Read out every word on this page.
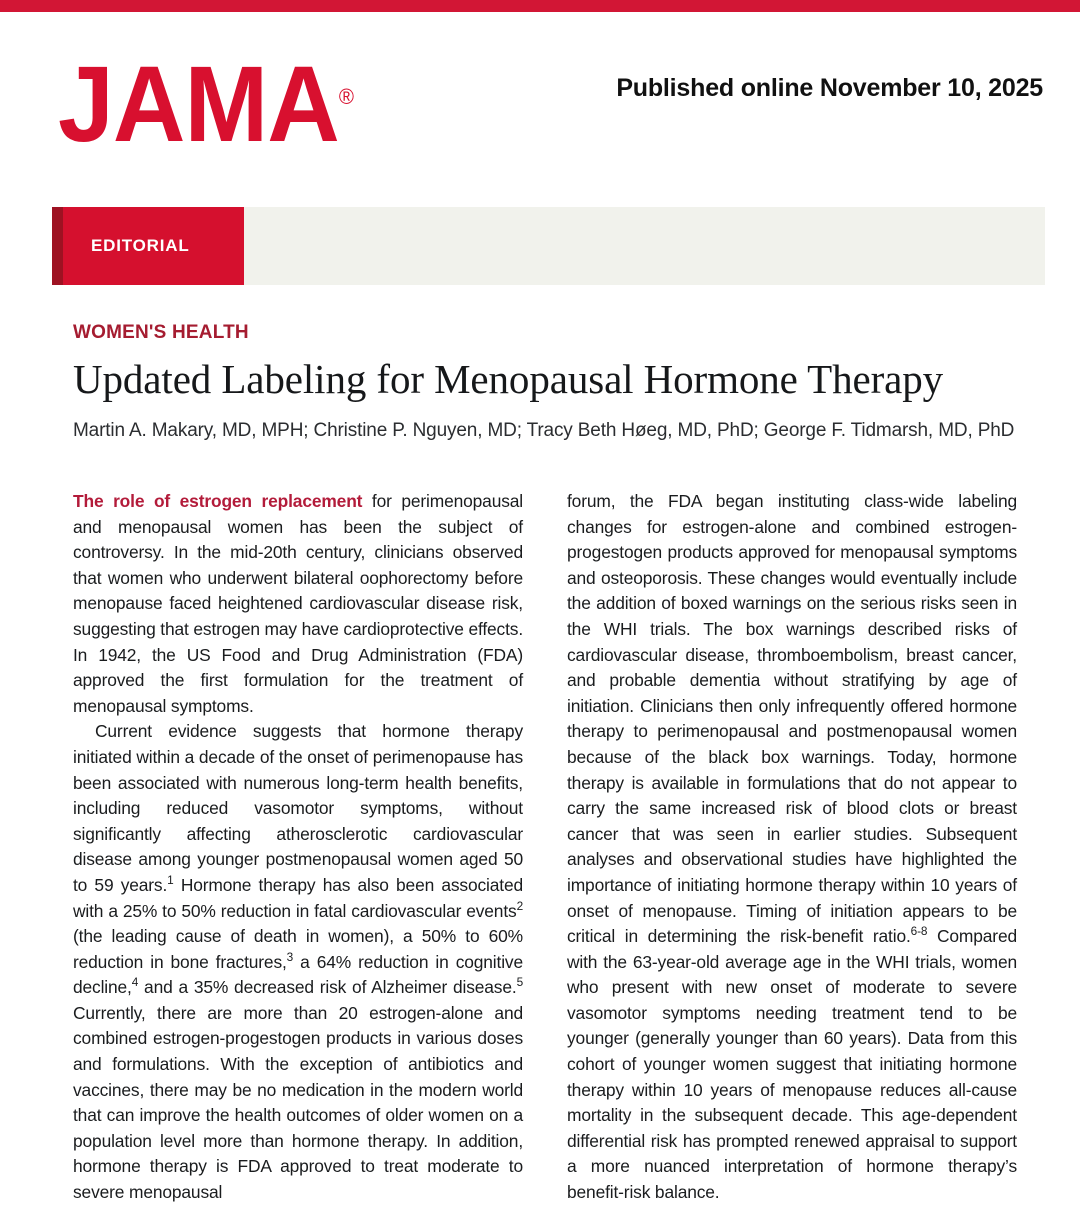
JAMA®	Published online November 10, 2025
EDITORIAL
WOMEN'S HEALTH
Updated Labeling for Menopausal Hormone Therapy
Martin A. Makary, MD, MPH; Christine P. Nguyen, MD; Tracy Beth Høeg, MD, PhD; George F. Tidmarsh, MD, PhD

The role of estrogen replacement for perimenopausal and menopausal women has been the subject of controversy. In the mid-20th century, clinicians observed that women who underwent bilateral oophorectomy before menopause faced heightened cardiovascular disease risk, suggesting that estrogen may have cardioprotective effects. In 1942, the US Food and Drug Administration (FDA) approved the first formulation for the treatment of menopausal symptoms.

Current evidence suggests that hormone therapy initiated within a decade of the onset of perimenopause has been associated with numerous long-term health benefits, including reduced vasomotor symptoms, without significantly affecting atherosclerotic cardiovascular disease among younger postmenopausal women aged 50 to 59 years.$^1$ Hormone therapy has also been associated with a 25% to 50% reduction in fatal cardiovascular events$^2$ (the leading cause of death in women), a 50% to 60% reduction in bone fractures,$^3$ a 64% reduction in cognitive decline,$^4$ and a 35% decreased risk of Alzheimer disease.$^5$ Currently, there are more than 20 estrogen-alone and combined estrogen-progestogen products in various doses and formulations. With the exception of antibiotics and vaccines, there may be no medication in the modern world that can improve the health outcomes of older women on a population level more than hormone therapy. In addition, hormone therapy is FDA approved to treat moderate to severe menopausal

forum, the FDA began instituting class-wide labeling changes for estrogen-alone and combined estrogen-progestogen products approved for menopausal symptoms and osteoporosis. These changes would eventually include the addition of boxed warnings on the serious risks seen in the WHI trials. The box warnings described risks of cardiovascular disease, thromboembolism, breast cancer, and probable dementia without stratifying by age of initiation. Clinicians then only infrequently offered hormone therapy to perimenopausal and postmenopausal women because of the black box warnings. Today, hormone therapy is available in formulations that do not appear to carry the same increased risk of blood clots or breast cancer that was seen in earlier studies. Subsequent analyses and observational studies have highlighted the importance of initiating hormone therapy within 10 years of onset of menopause. Timing of initiation appears to be critical in determining the risk-benefit ratio.$^{6-8}$ Compared with the 63-year-old average age in the WHI trials, women who present with new onset of moderate to severe vasomotor symptoms needing treatment tend to be younger (generally younger than 60 years). Data from this cohort of younger women suggest that initiating hormone therapy within 10 years of menopause reduces all-cause mortality in the subsequent decade. This age-dependent differential risk has prompted renewed appraisal to support a more nuanced interpretation of hormone therapy’s benefit-risk balance.
